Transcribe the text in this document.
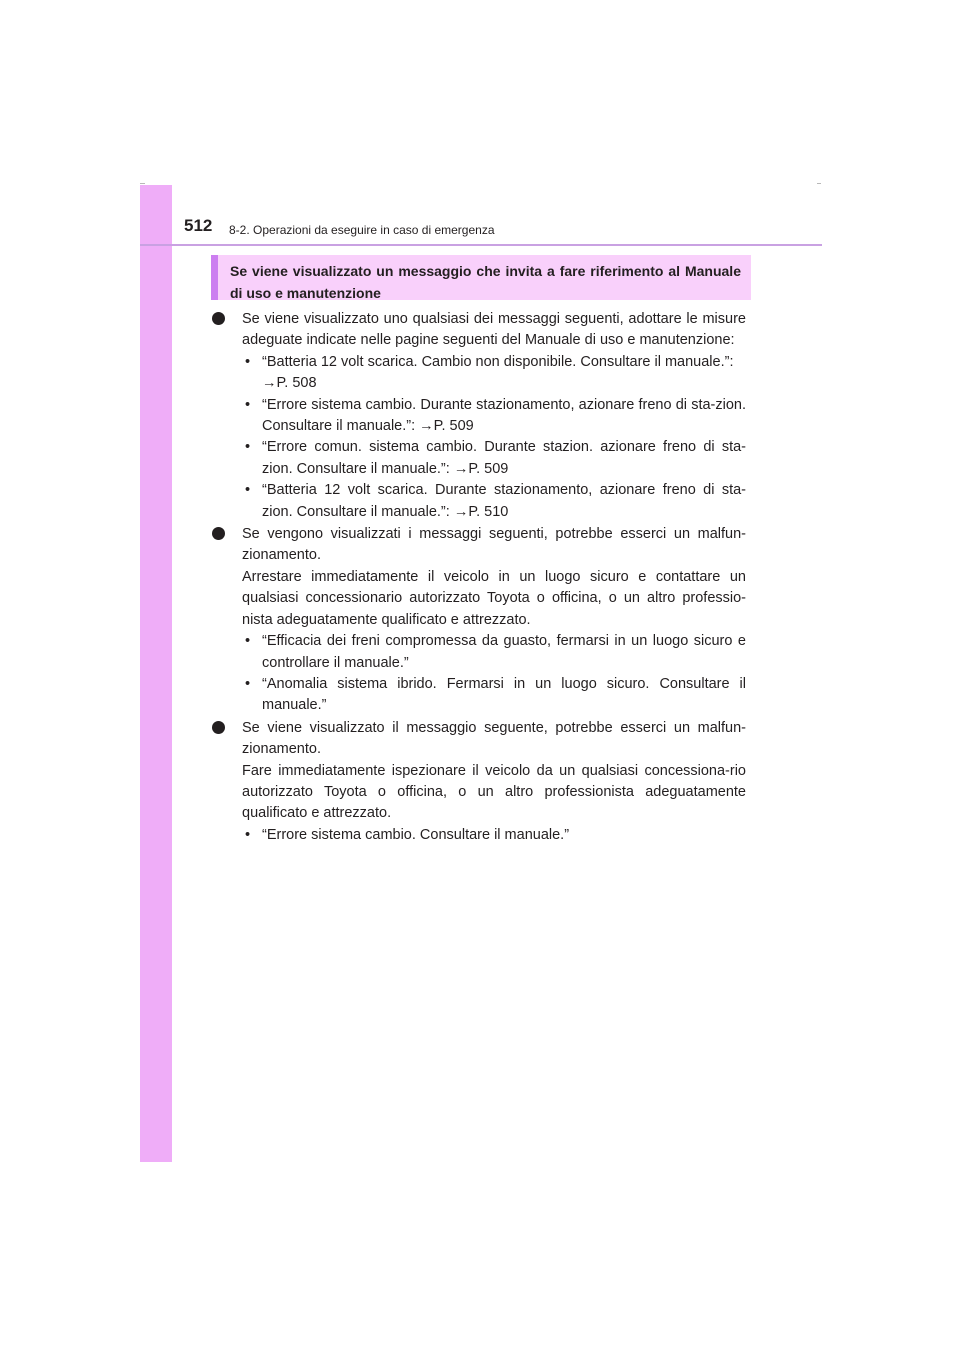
512 8-2. Operazioni da eseguire in caso di emergenza
Se viene visualizzato un messaggio che invita a fare riferimento al Manuale di uso e manutenzione
Se viene visualizzato uno qualsiasi dei messaggi seguenti, adottare le misure adeguate indicate nelle pagine seguenti del Manuale di uso e manutenzione:
• “Batteria 12 volt scarica. Cambio non disponibile. Consultare il manuale.”:
→P. 508
• “Errore sistema cambio. Durante stazionamento, azionare freno di sta-zion. Consultare il manuale.”: →P. 509
• “Errore comun. sistema cambio. Durante stazion. azionare freno di sta-zion. Consultare il manuale.”: →P. 509
• “Batteria 12 volt scarica. Durante stazionamento, azionare freno di sta-zion. Consultare il manuale.”: →P. 510
Se vengono visualizzati i messaggi seguenti, potrebbe esserci un malfun-zionamento.
Arrestare immediatamente il veicolo in un luogo sicuro e contattare un qualsiasi concessionario autorizzato Toyota o officina, o un altro professio-nista adeguatamente qualificato e attrezzato.
• “Efficacia dei freni compromessa da guasto, fermarsi in un luogo sicuro e controllare il manuale.”
• “Anomalia sistema ibrido. Fermarsi in un luogo sicuro. Consultare il manuale.”
Se viene visualizzato il messaggio seguente, potrebbe esserci un malfun-zionamento.
Fare immediatamente ispezionare il veicolo da un qualsiasi concessiona-rio autorizzato Toyota o officina, o un altro professionista adeguatamente qualificato e attrezzato.
• “Errore sistema cambio. Consultare il manuale.”
